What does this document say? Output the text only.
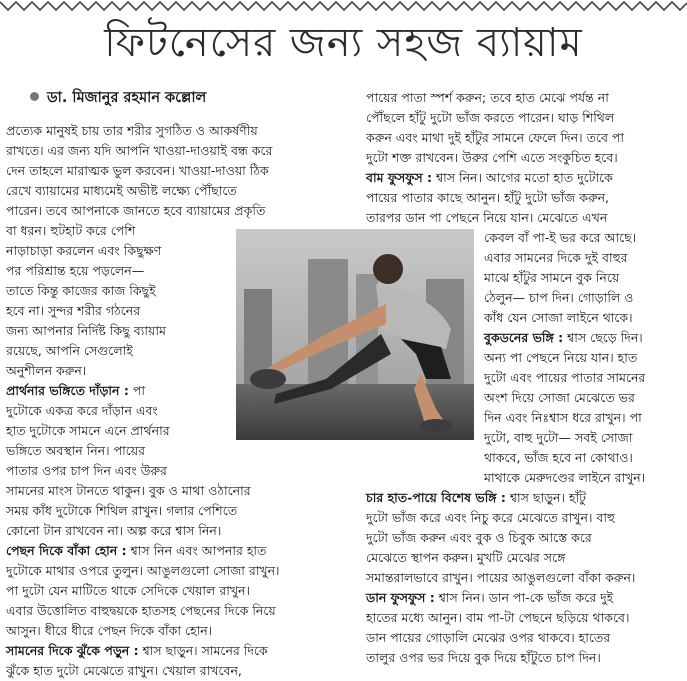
ফিটনেসের জন্য সহজ ব্যায়াম
ডা. মিজানুর রহমান কল্লোল
প্রত্যেক মানুষই চায় তার শরীর সুগঠিত ও আকর্ষণীয়
রাখতে। এর জন্য যদি আপনি খাওয়া-দাওয়াই বন্ধ করে
দেন তাহলে মারাত্মক ভুল করবেন। খাওয়া-দাওয়া ঠিক
রেখে ব্যায়ামের মাধ্যমেই অভীষ্ট লক্ষ্যে পৌঁছাতে
পারেন। তবে আপনাকে জানতে হবে ব্যায়ামের প্রকৃতি
বা ধরন। হুটহাট করে পেশি
নাড়াচাড়া করলেন এবং কিছুক্ষণ
পর পরিশ্রান্ত হয়ে পড়লেন—
তাতে কিন্তু কাজের কাজ কিছুই
হবে না। সুন্দর শরীর গঠনের
জন্য আপনার নির্দিষ্ট কিছু ব্যায়াম
রয়েছে, আপনি সেগুলোই
অনুশীলন করুন।
প্রার্থনার ভঙ্গিতে দাঁড়ান : পা
দুটোকে একত্র করে দাঁড়ান এবং
হাত দুটোকে সামনে এনে প্রার্থনার
ভঙ্গিতে অবস্থান নিন। পায়ের
পাতার ওপর চাপ দিন এবং উরুর
সামনের মাংস টানতে থাকুন। বুক ও মাথা ওঠানোর
সময় কাঁধ দুটোকে শিথিল রাখুন। গলার পেশিতে
কোনো টান রাখবেন না। অল্প করে শ্বাস নিন।
পেছন দিকে বাঁকা হোন : শ্বাস নিন এবং আপনার হাত
দুটোকে মাথার ওপরে তুলুন। আঙুলগুলো সোজা রাখুন।
পা দুটো যেন মাটিতে থাকে সেদিকে খেয়াল রাখুন।
এবার উত্তোলিত বাহুদ্বয়কে হাতসহ পেছনের দিকে নিয়ে
আসুন। ধীরে ধীরে পেছন দিকে বাঁকা হোন।
সামনের দিকে ঝুঁকে পড়ুন : শ্বাস ছাড়ুন। সামনের দিকে
ঝুঁকে হাত দুটো মেঝেতে রাখুন। খেয়াল রাখবেন,
পায়ের পাতা স্পর্শ করুন; তবে হাত মেঝে পর্যন্ত না
পৌঁছলে হাঁটু দুটো ভাঁজ করতে পারেন। ঘাড় শিথিল
করুন এবং মাথা দুই হাঁটুর সামনে ফেলে দিন। তবে পা
দুটো শক্ত রাখবেন। উরুর পেশি এতে সংকুচিত হবে।
বাম ফুসফুস : শ্বাস নিন। আগের মতো হাত দুটোকে
পায়ের পাতার কাছে আনুন। হাঁটু দুটো ভাঁজ করুন,
তারপর ডান পা পেছনে নিয়ে যান। মেঝেতে এখন
কেবল বাঁ পা-ই ভর করে আছে।
এবার সামনের দিকে দুই বাহুর
মাঝে হাঁটুর সামনে বুক নিয়ে
ঠেলুন— চাপ দিন। গোড়ালি ও
কাঁধ যেন সোজা লাইনে থাকে।
বুকডনের ভঙ্গি : শ্বাস ছেড়ে দিন।
অন্য পা পেছনে নিয়ে যান। হাত
দুটো এবং পায়ের পাতার সামনের
অংশ দিয়ে সোজা মেঝেতে ভর
দিন এবং নিঃশ্বাস ধরে রাখুন। পা
দুটো, বাহু দুটো— সবই সোজা
থাকবে, ভাঁজ হবে না কোথাও।
মাথাকে মেরুদণ্ডের লাইনে রাখুন।
চার হাত-পায়ে বিশেষ ভঙ্গি : শ্বাস ছাড়ুন। হাঁটু
দুটো ভাঁজ করে এবং নিচু করে মেঝেতে রাখুন। বাহু
দুটো ভাঁজ করুন এবং বুক ও চিবুক আস্তে করে
মেঝেতে স্থাপন করুন। মুখটি মেঝের সঙ্গে
সমান্তরালভাবে রাখুন। পায়ের আঙুলগুলো বাঁকা করুন।
ডান ফুসফুস : শ্বাস নিন। ডান পা-কে ভাঁজ করে দুই
হাতের মধ্যে আনুন। বাম পা-টা পেছনে ছড়িয়ে থাকবে।
ডান পায়ের গোড়ালি মেঝের ওপর থাকবে। হাতের
তালুর ওপর ভর দিয়ে বুক দিয়ে হাঁটুতে চাপ দিন।
